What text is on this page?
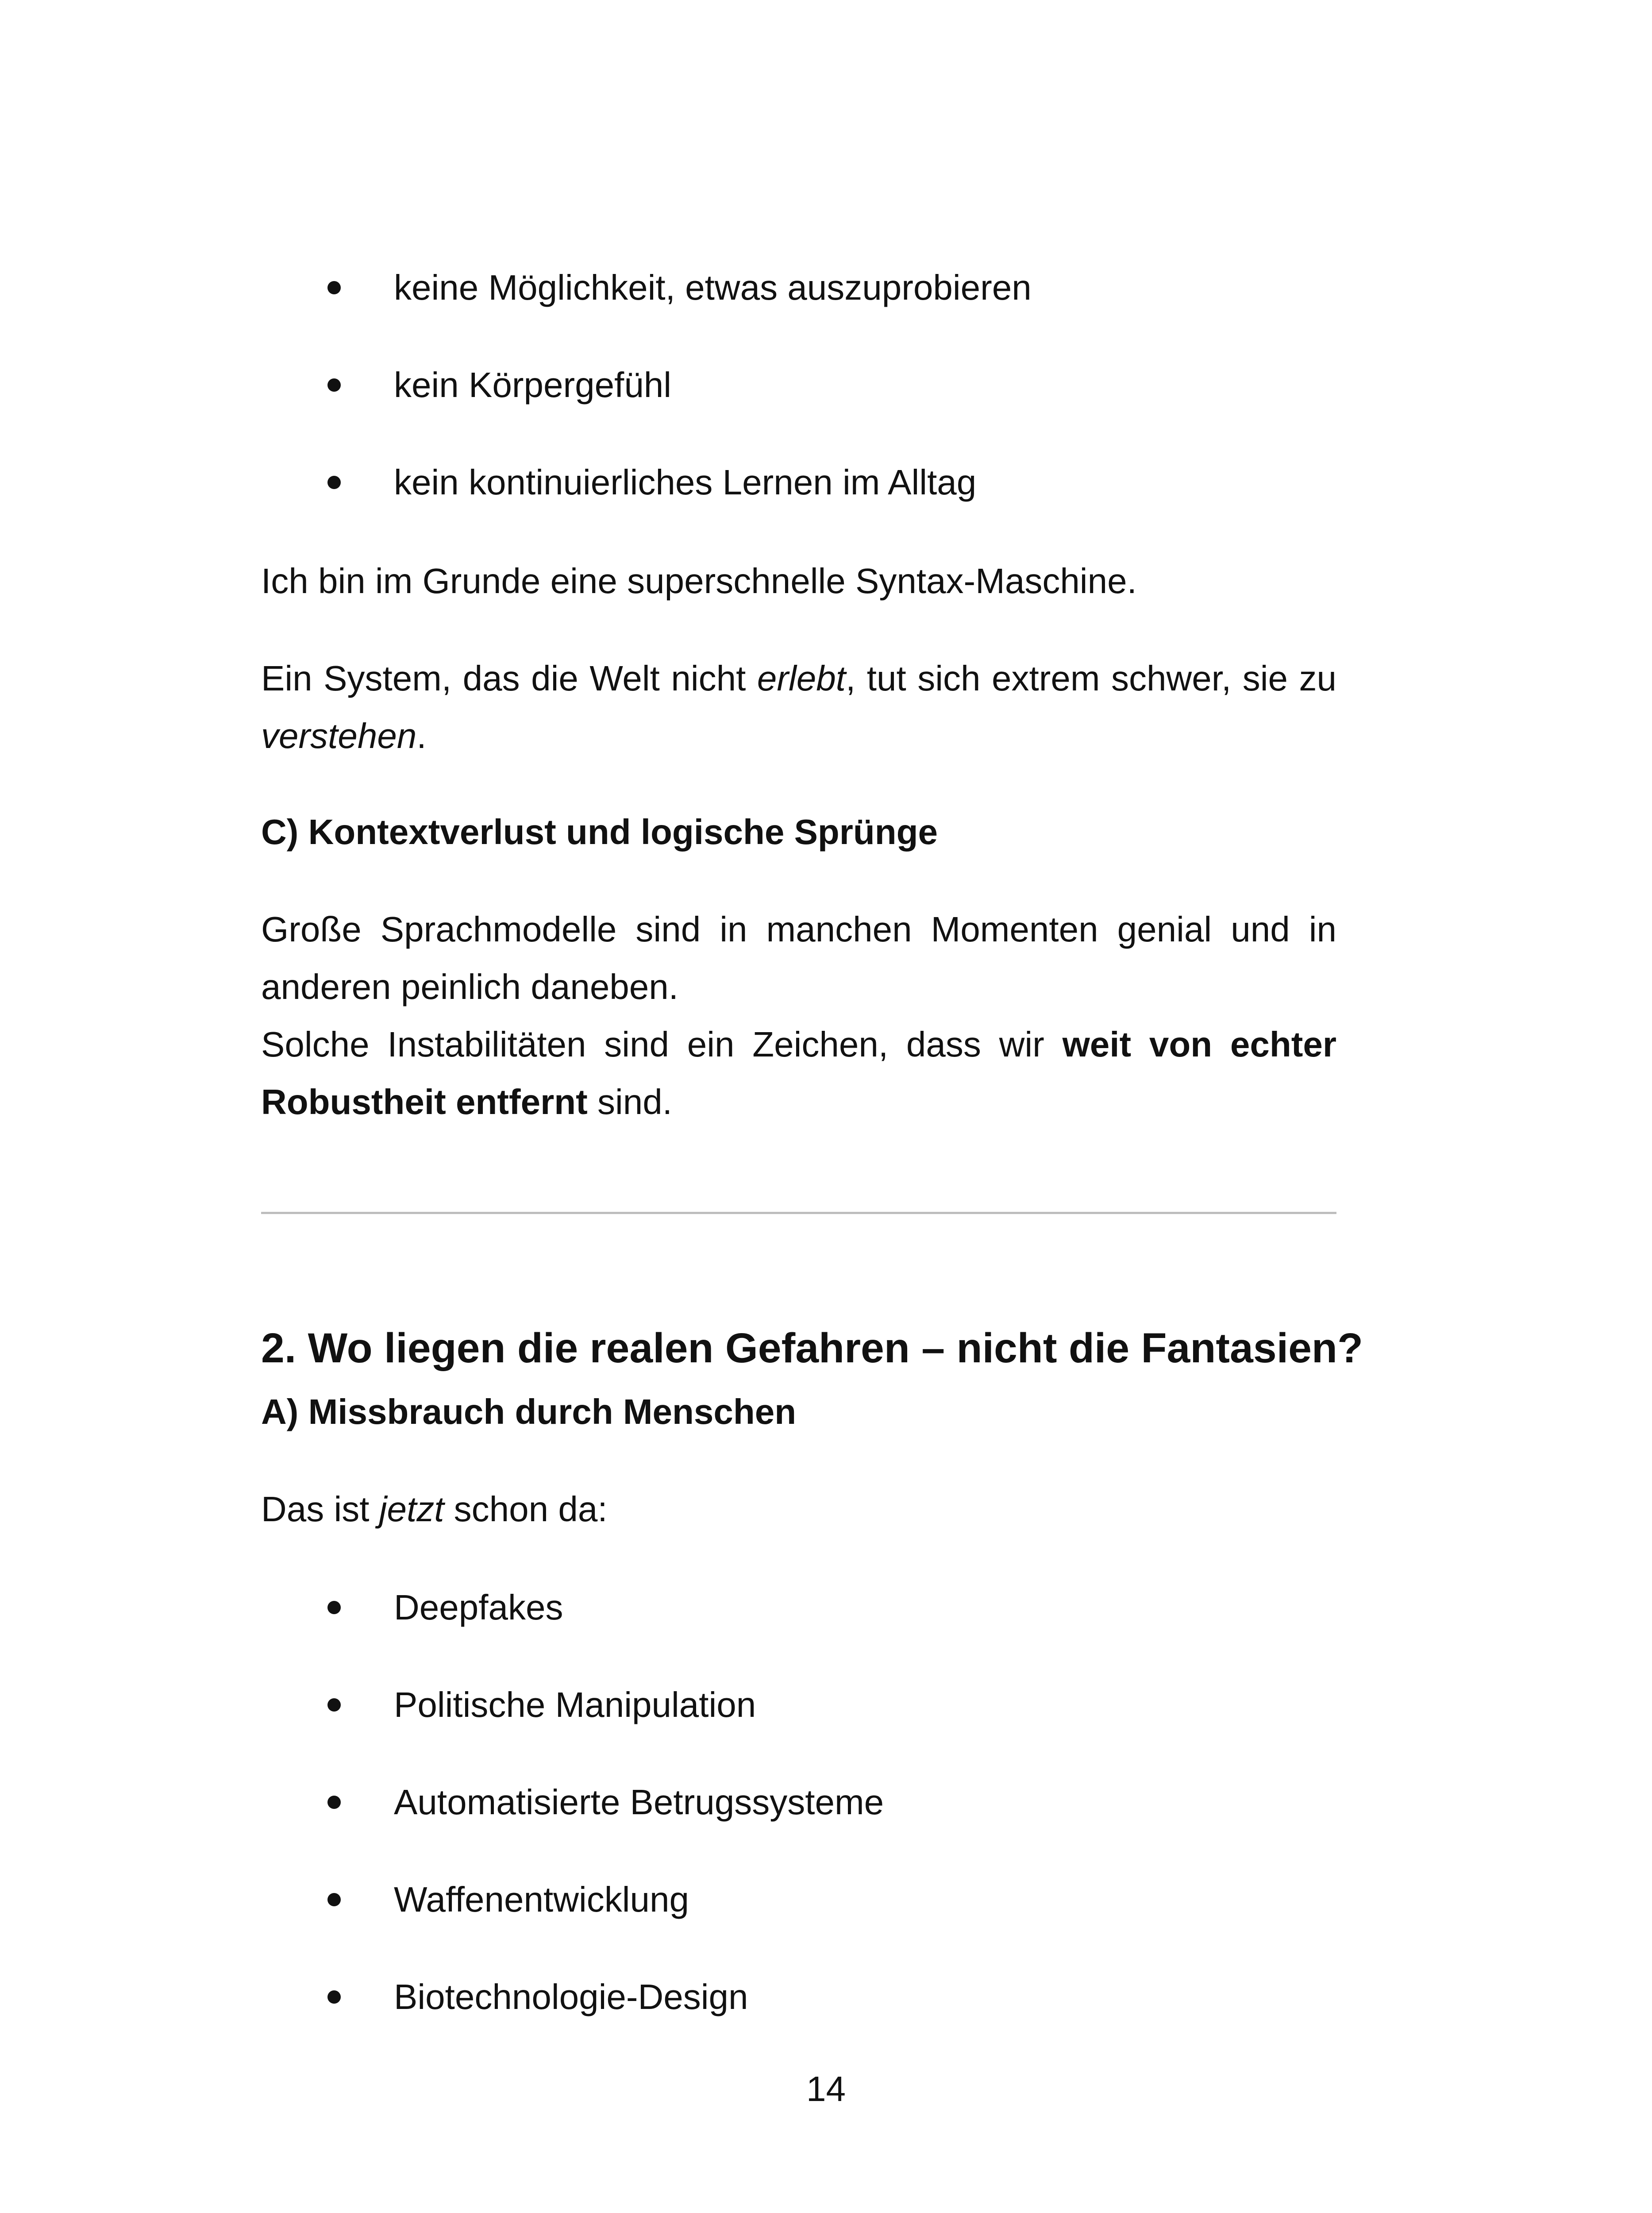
keine Möglichkeit, etwas auszuprobieren
kein Körpergefühl
kein kontinuierliches Lernen im Alltag
Ich bin im Grunde eine superschnelle Syntax-Maschine.
Ein System, das die Welt nicht erlebt, tut sich extrem schwer, sie zu verstehen.
C) Kontextverlust und logische Sprünge
Große Sprachmodelle sind in manchen Momenten genial und in anderen peinlich daneben.
Solche Instabilitäten sind ein Zeichen, dass wir weit von echter Robustheit entfernt sind.
2. Wo liegen die realen Gefahren – nicht die Fantasien?
A) Missbrauch durch Menschen
Das ist jetzt schon da:
Deepfakes
Politische Manipulation
Automatisierte Betrugssysteme
Waffenentwicklung
Biotechnologie-Design
14
